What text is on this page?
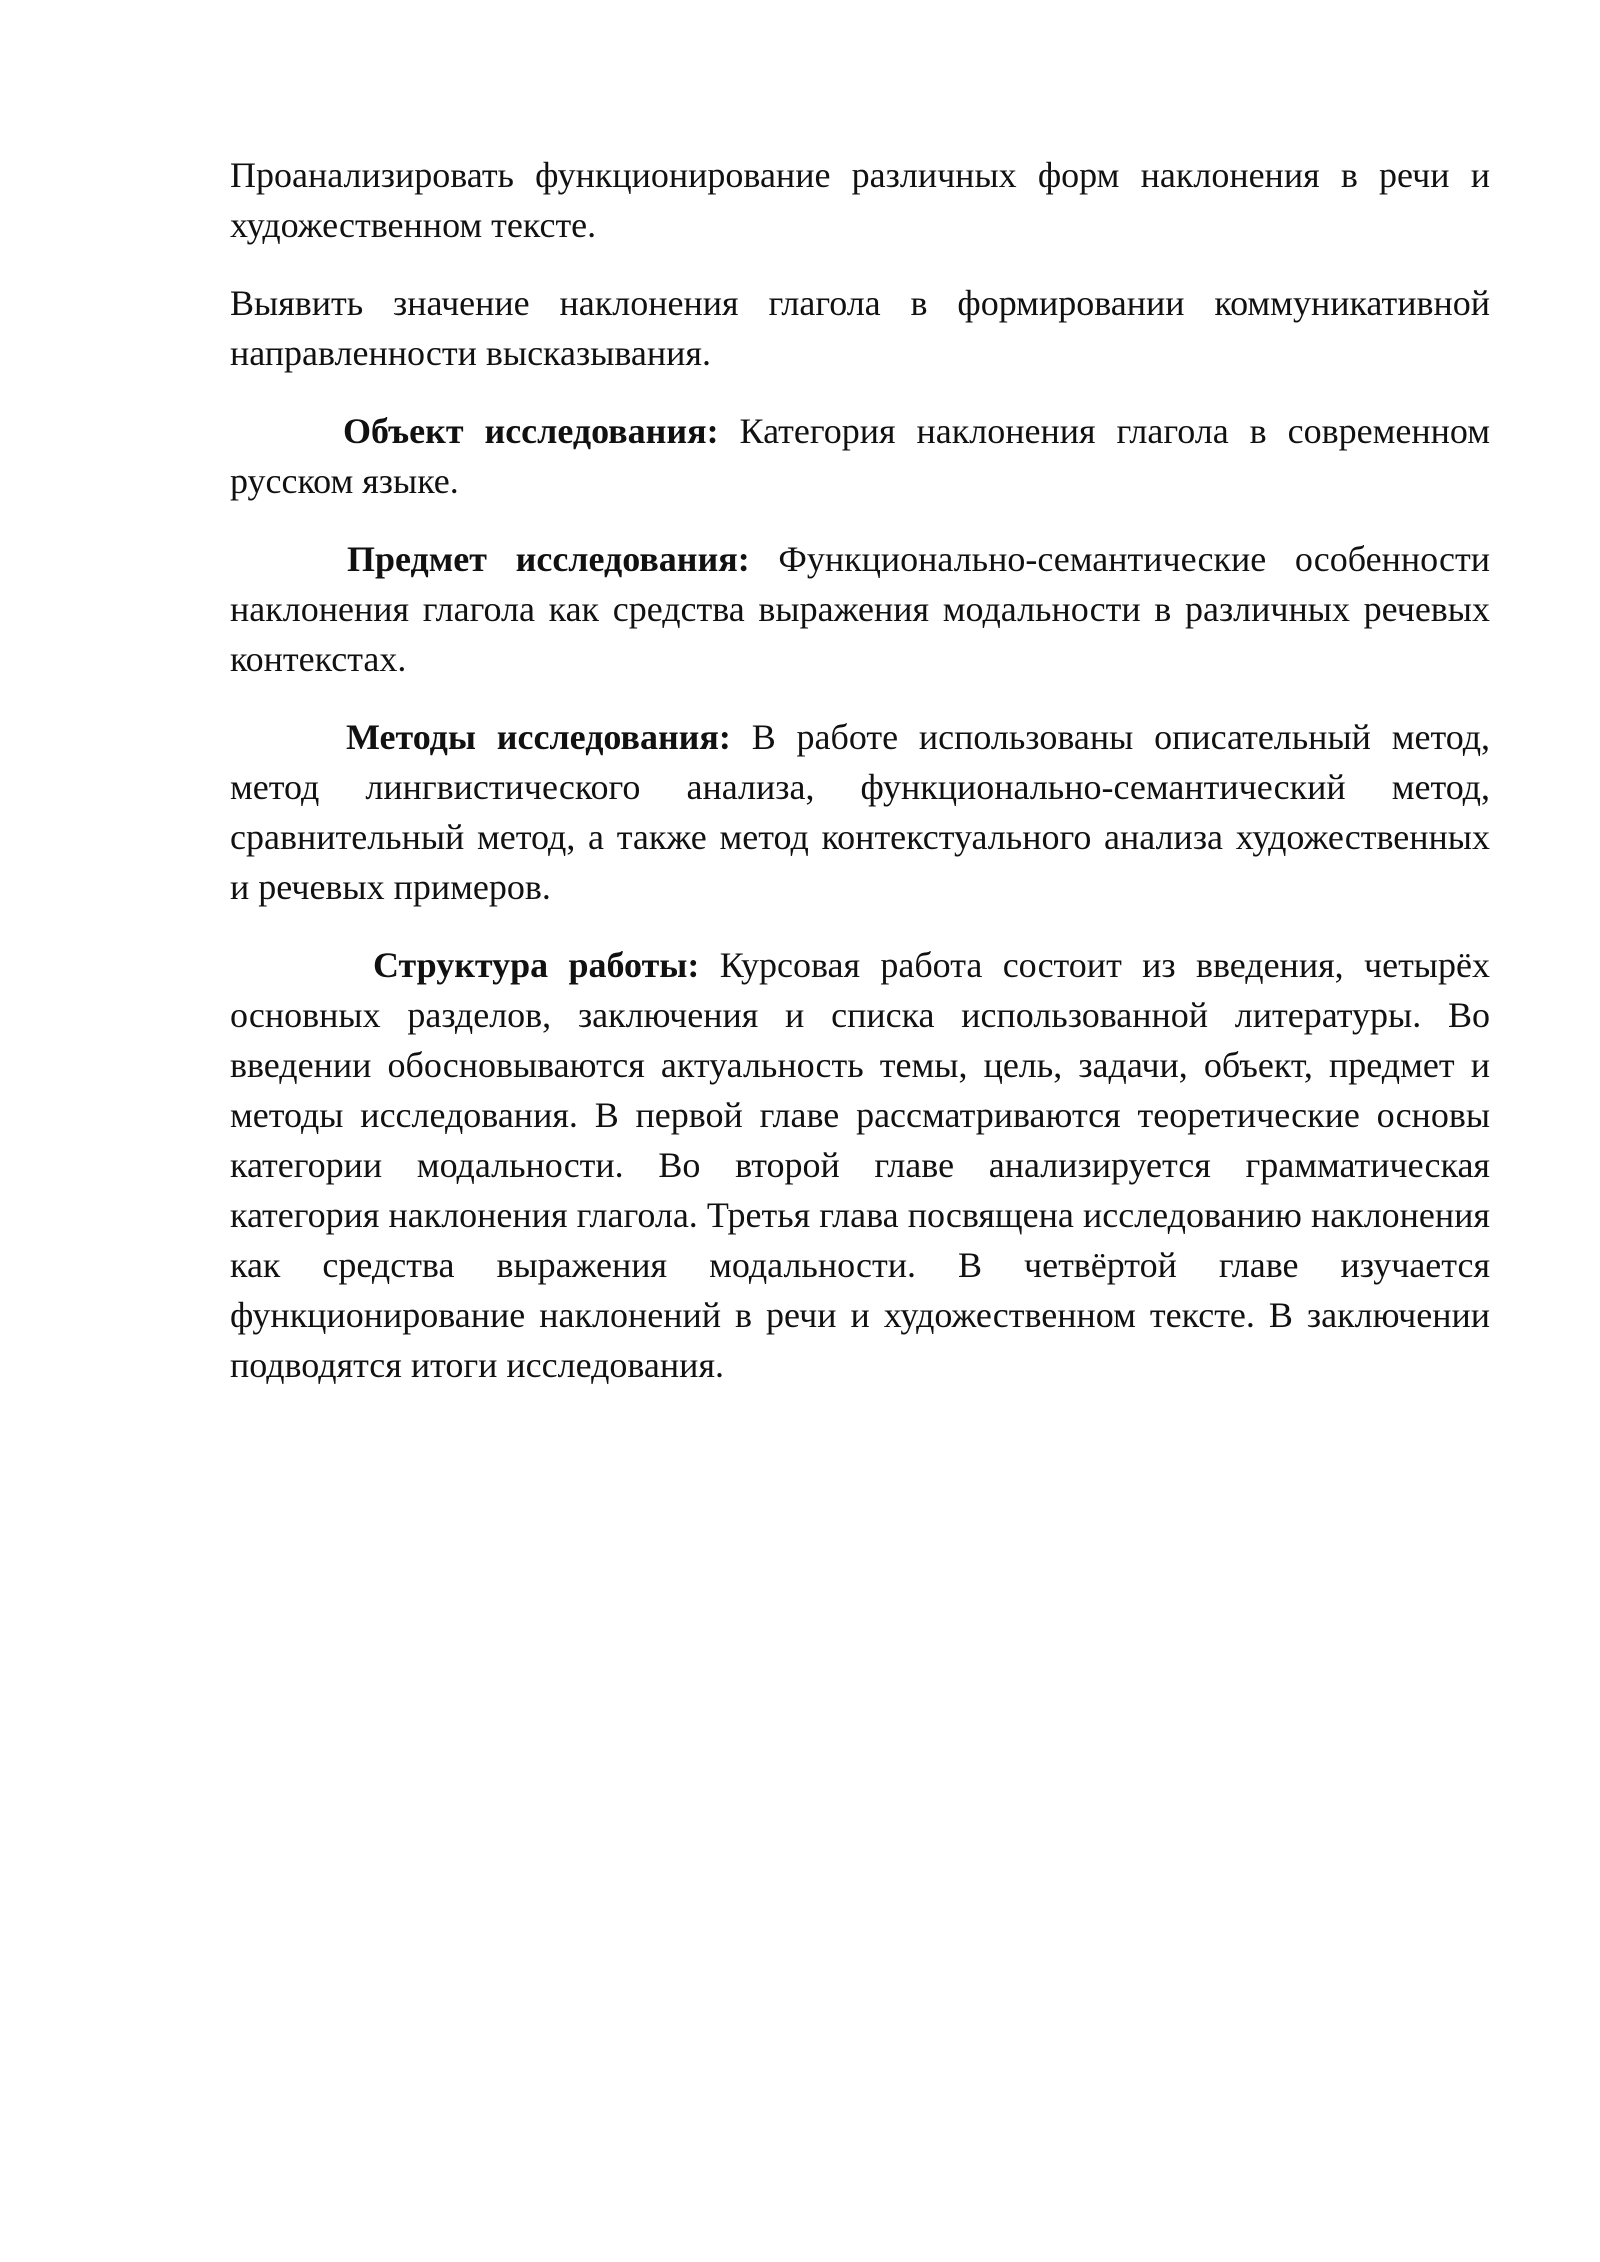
Проанализировать функционирование различных форм наклонения в речи и художественном тексте.

Выявить значение наклонения глагола в формировании коммуникативной направленности высказывания.

Объект исследования: Категория наклонения глагола в современном русском языке.

Предмет исследования: Функционально-семантические особенности наклонения глагола как средства выражения модальности в различных речевых контекстах.

Методы исследования: В работе использованы описательный метод, метод лингвистического анализа, функционально-семантический метод, сравнительный метод, а также метод контекстуального анализа художественных и речевых примеров.

Структура работы: Курсовая работа состоит из введения, четырёх основных разделов, заключения и списка использованной литературы. Во введении обосновываются актуальность темы, цель, задачи, объект, предмет и методы исследования. В первой главе рассматриваются теоретические основы категории модальности. Во второй главе анализируется грамматическая категория наклонения глагола. Третья глава посвящена исследованию наклонения как средства выражения модальности. В четвёртой главе изучается функционирование наклонений в речи и художественном тексте. В заключении подводятся итоги исследования.
